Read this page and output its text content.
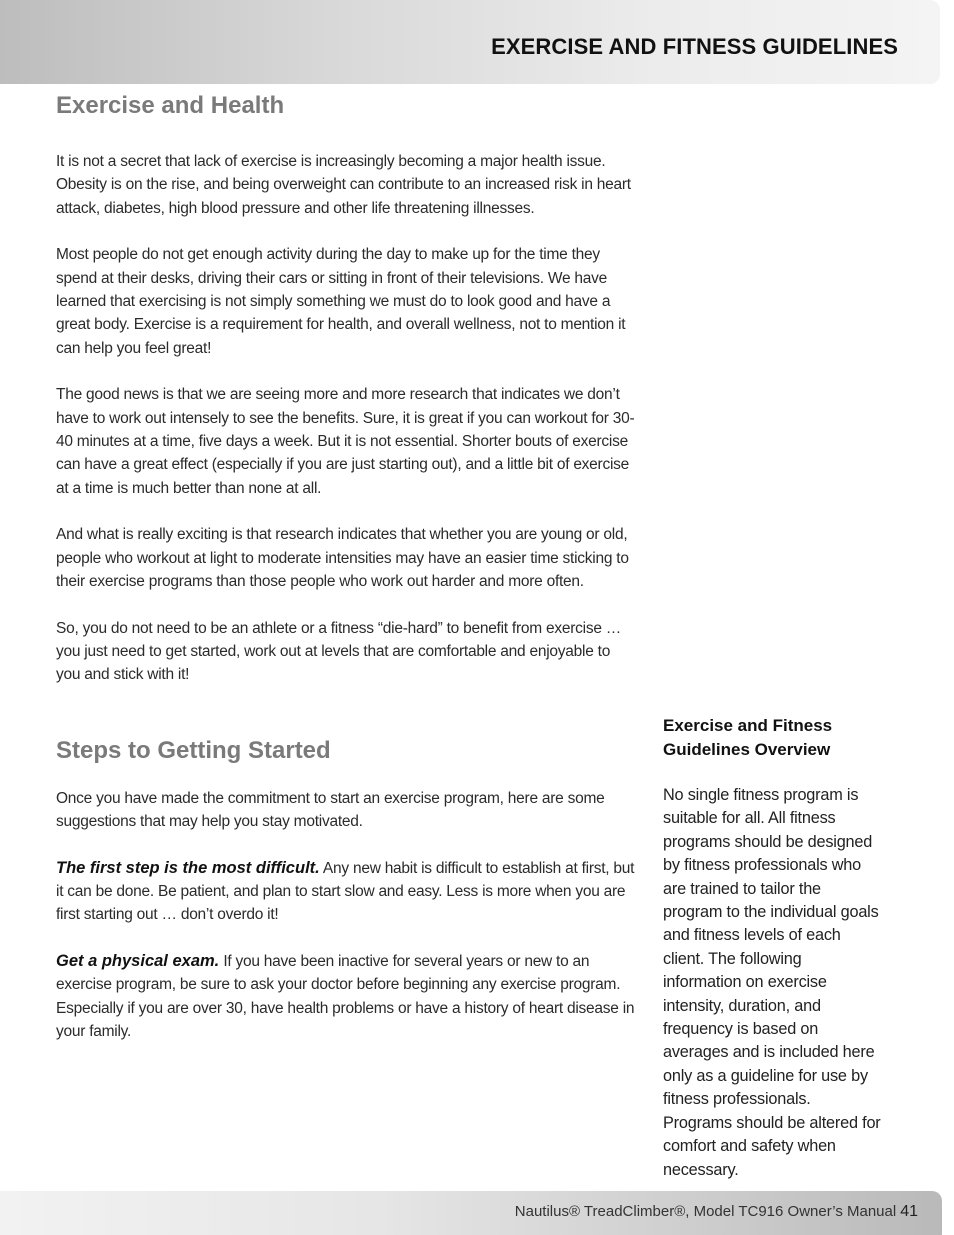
EXERCISE AND FITNESS GUIDELINES
Exercise and Health

It is not a secret that lack of exercise is increasingly becoming a major health issue. Obesity is on the rise, and being overweight can contribute to an increased risk in heart attack, diabetes, high blood pressure and other life threatening illnesses.

Most people do not get enough activity during the day to make up for the time they spend at their desks, driving their cars or sitting in front of their televisions. We have learned that exercising is not simply something we must do to look good and have a great body. Exercise is a requirement for health, and overall wellness, not to mention it can help you feel great!

The good news is that we are seeing more and more research that indicates we don’t have to work out intensely to see the benefits. Sure, it is great if you can workout for 30-40 minutes at a time, five days a week. But it is not essential. Shorter bouts of exercise can have a great effect (especially if you are just starting out), and a little bit of exercise at a time is much better than none at all.

And what is really exciting is that research indicates that whether you are young or old, people who workout at light to moderate intensities may have an easier time sticking to their exercise programs than those people who work out harder and more often.

So, you do not need to be an athlete or a fitness “die-hard” to benefit from exercise … you just need to get started, work out at levels that are comfortable and enjoyable to you and stick with it!

Steps to Getting Started

Once you have made the commitment to start an exercise program, here are some suggestions that may help you stay motivated.

The first step is the most difficult. Any new habit is difficult to establish at first, but it can be done. Be patient, and plan to start slow and easy. Less is more when you are first starting out … don’t overdo it!

Get a physical exam. If you have been inactive for several years or new to an exercise program, be sure to ask your doctor before beginning any exercise program. Especially if you are over 30, have health problems or have a history of heart disease in your family.

Exercise and Fitness Guidelines Overview

No single fitness program is suitable for all. All fitness programs should be designed by fitness professionals who are trained to tailor the program to the individual goals and fitness levels of each client. The following information on exercise intensity, duration, and frequency is based on averages and is included here only as a guideline for use by fitness professionals. Programs should be altered for comfort and safety when necessary.

Nautilus® TreadClimber®, Model TC916 Owner’s Manual 41
